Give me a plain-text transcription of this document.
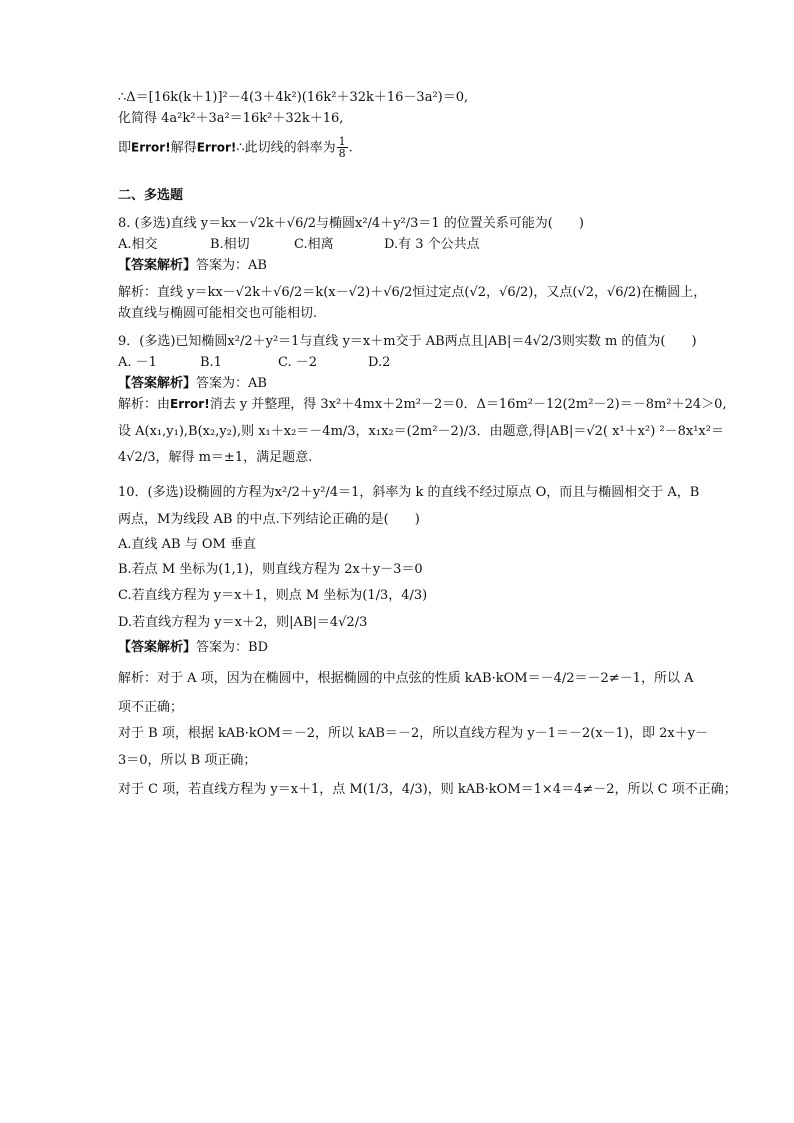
∴Δ＝[16k(k＋1)]²－4(3＋4k²)(16k²＋32k＋16－3a²)＝0,

化简得 4a²k²＋3a²＝16k²＋32k＋16,

即Error!解得Error!∴此切线的斜率为 $\frac{1}{8}$ .

二、多选题

8. (多选)直线 y＝kx－√2k＋√6/2与椭圆x²/4＋y²/3＝1 的位置关系可能为(　　)

A.相交	B.相切	C.相离	D.有 3 个公共点

【答案解析】答案为：AB

解析：直线 y＝kx－√2k＋√6/2＝k(x－√2)＋√6/2恒过定点(√2，√6/2)，又点(√2，√6/2)在椭圆上，

故直线与椭圆可能相交也可能相切.

9．(多选)已知椭圆x²/2＋y²＝1与直线 y＝x＋m交于 AB两点且|AB|＝4√2/3则实数 m 的值为(　　)

A. －1	B.1	C. －2	D.2

【答案解析】答案为：AB

解析：由Error!消去 y 并整理，得 3x²＋4mx＋2m²－2＝0．Δ＝16m²－12(2m²－2)＝－8m²＋24＞0,

设 A(x₁,y₁),B(x₂,y₂),则 x₁＋x₂＝－4m/3，x₁x₂＝(2m²－2)/3．由题意,得|AB|＝√2( x¹＋x²) ²－8x¹x²＝

4√2/3，解得 m＝±1，满足题意.

10．(多选)设椭圆的方程为x²/2＋y²/4＝1，斜率为 k 的直线不经过原点 O，而且与椭圆相交于 A，B

两点，M为线段 AB 的中点.下列结论正确的是(　　)

A.直线 AB 与 OM 垂直

B.若点 M 坐标为(1,1)，则直线方程为 2x＋y－3＝0

C.若直线方程为 y＝x＋1，则点 M 坐标为(1/3，4/3)

D.若直线方程为 y＝x＋2，则|AB|＝4√2/3

【答案解析】答案为：BD

解析：对于 A 项，因为在椭圆中，根据椭圆的中点弦的性质 kAB·kOM＝－4/2＝－2≠－1，所以 A

项不正确；

对于 B 项，根据 kAB·kOM＝－2，所以 kAB＝－2，所以直线方程为 y－1＝－2(x－1)，即 2x＋y－

3＝0，所以 B 项正确；

对于 C 项，若直线方程为 y＝x＋1，点 M(1/3，4/3)，则 kAB·kOM＝1×4＝4≠－2，所以 C 项不正确；
